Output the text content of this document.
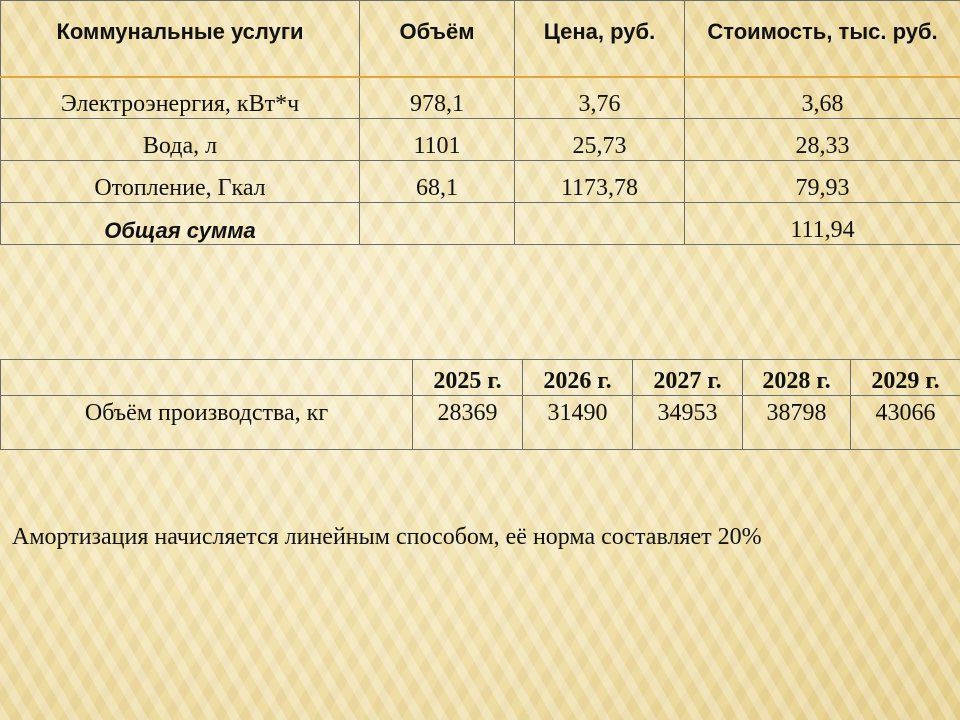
Коммунальные услуги	Объём	Цена, руб.	Стоимость, тыс. руб.
Электроэнергия, кВт*ч	978,1	3,76	3,68
Вода, л	1101	25,73	28,33
Отопление, Гкал	68,1	1173,78	79,93
Общая сумма			111,94
	2025 г.	2026 г.	2027 г.	2028 г.	2029 г.
Объём производства, кг	28369	31490	34953	38798	43066

Амортизация начисляется линейным способом, её норма составляет 20%
